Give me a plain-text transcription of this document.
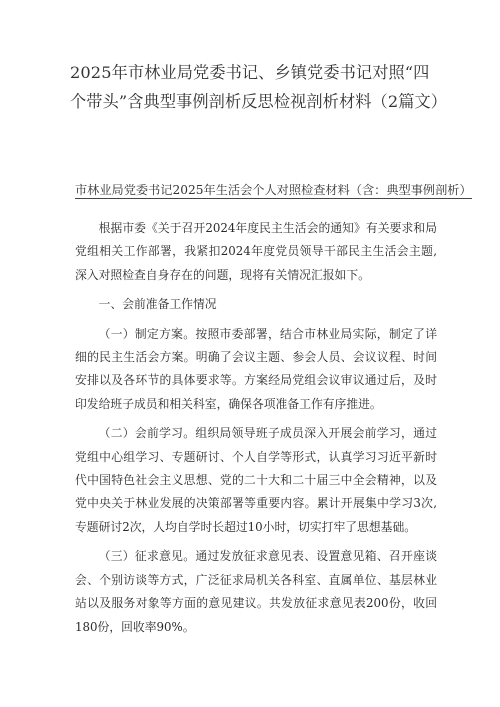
2025年市林业局党委书记、乡镇党委书记对照“四个带头”含典型事例剖析反思检视剖析材料（2篇文）
市林业局党委书记2025年生活会个人对照检查材料（含：典型事例剖析）

根据市委《关于召开2024年度民主生活会的通知》有关要求和局党组相关工作部署，我紧扣2024年度党员领导干部民主生活会主题,深入对照检查自身存在的问题，现将有关情况汇报如下。

一、会前准备工作情况

（一）制定方案。按照市委部署，结合市林业局实际，制定了详细的民主生活会方案。明确了会议主题、参会人员、会议议程、时间安排以及各环节的具体要求等。方案经局党组会议审议通过后，及时印发给班子成员和相关科室，确保各项准备工作有序推进。

（二）会前学习。组织局领导班子成员深入开展会前学习，通过党组中心组学习、专题研讨、个人自学等形式，认真学习习近平新时代中国特色社会主义思想、党的二十大和二十届三中全会精神，以及党中央关于林业发展的决策部署等重要内容。累计开展集中学习3次,专题研讨2次，人均自学时长超过10小时，切实打牢了思想基础。

（三）征求意见。通过发放征求意见表、设置意见箱、召开座谈会、个别访谈等方式，广泛征求局机关各科室、直属单位、基层林业站以及服务对象等方面的意见建议。共发放征求意见表200份，收回180份，回收率90%。
